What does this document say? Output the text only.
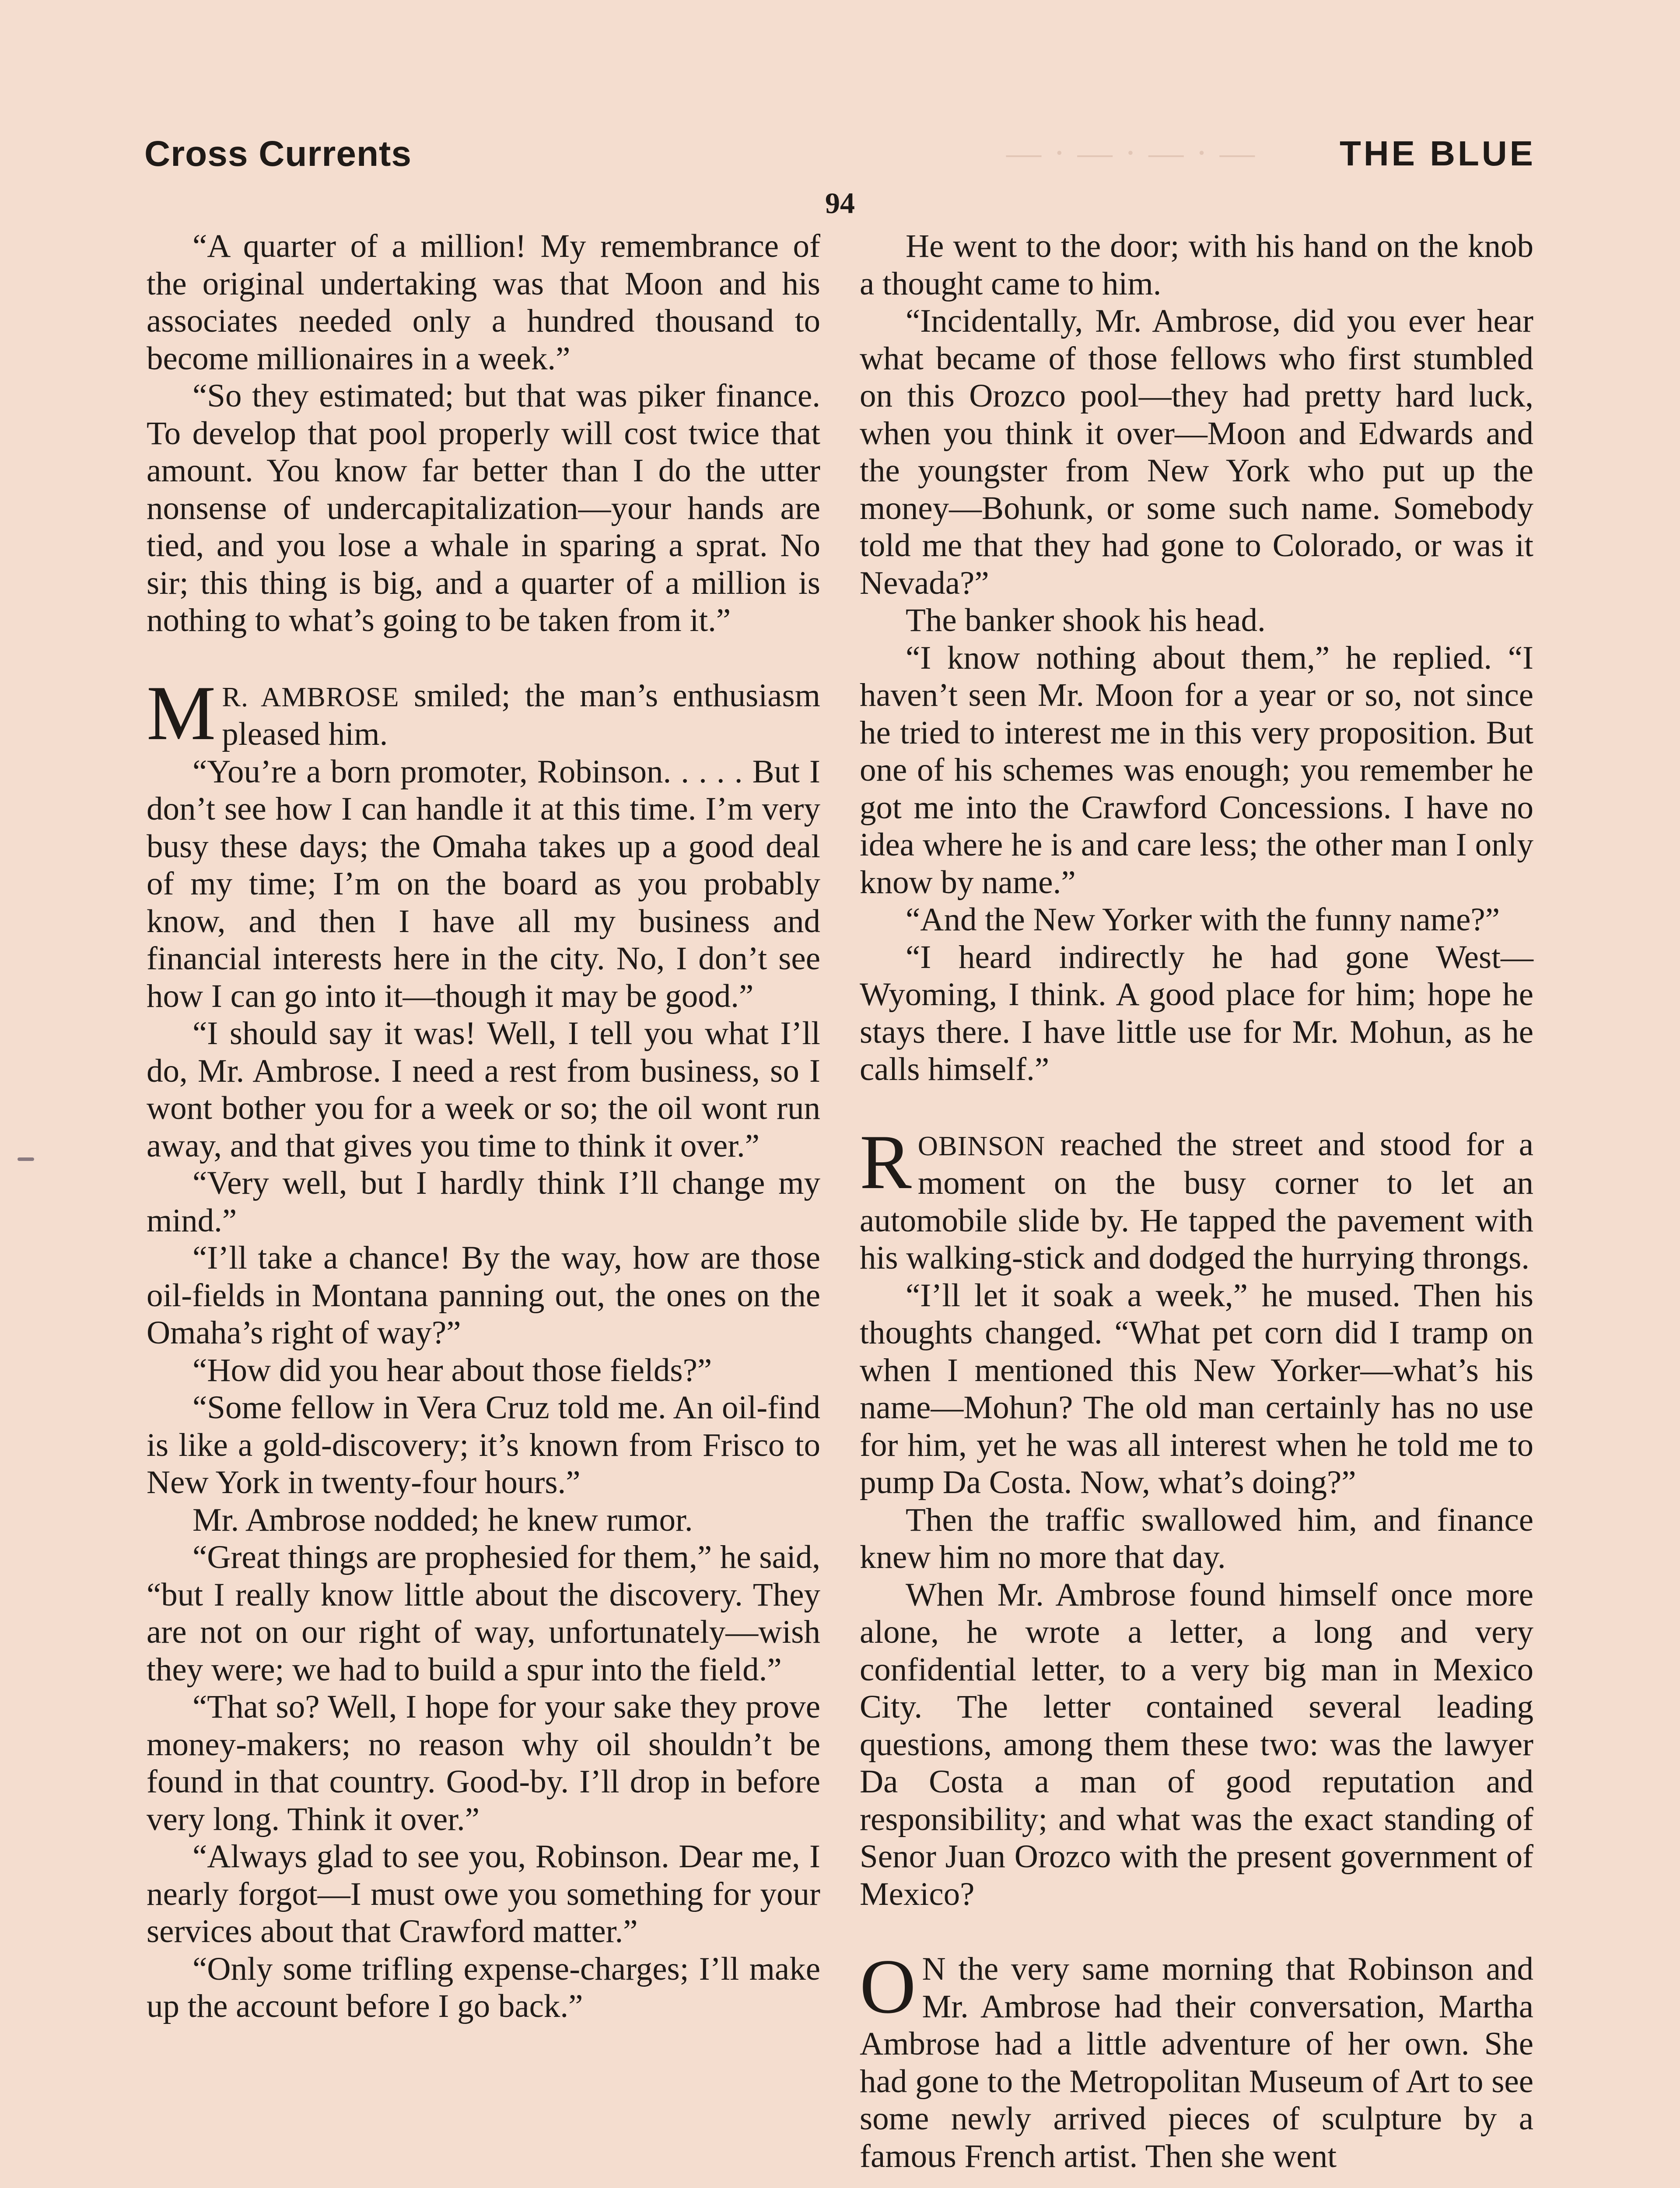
— · — · — · —
Cross Currents	THE BLUE
94

“A quarter of a million! My remembrance of the original undertaking was that Moon and his associates needed only a hundred thousand to become millionaires in a week.”

“So they estimated; but that was piker finance. To develop that pool properly will cost twice that amount. You know far better than I do the utter nonsense of undercapitalization—your hands are tied, and you lose a whale in sparing a sprat. No sir; this thing is big, and a quarter of a million is nothing to what’s going to be taken from it.”

M R. AMBROSE smiled; the man’s enthusiasm pleased him.

“You’re a born promoter, Robinson. . . . . But I don’t see how I can handle it at this time. I’m very busy these days; the Omaha takes up a good deal of my time; I’m on the board as you probably know, and then I have all my business and financial interests here in the city. No, I don’t see how I can go into it—though it may be good.”

“I should say it was! Well, I tell you what I’ll do, Mr. Ambrose. I need a rest from business, so I wont bother you for a week or so; the oil wont run away, and that gives you time to think it over.”

“Very well, but I hardly think I’ll change my mind.”

“I’ll take a chance! By the way, how are those oil-fields in Montana panning out, the ones on the Omaha’s right of way?”

“How did you hear about those fields?”

“Some fellow in Vera Cruz told me. An oil-find is like a gold-discovery; it’s known from Frisco to New York in twenty-four hours.”

Mr. Ambrose nodded; he knew rumor.

“Great things are prophesied for them,” he said, “but I really know little about the discovery. They are not on our right of way, unfortunately—wish they were; we had to build a spur into the field.”

“That so? Well, I hope for your sake they prove money-makers; no reason why oil shouldn’t be found in that country. Good-by. I’ll drop in before very long. Think it over.”

“Always glad to see you, Robinson. Dear me, I nearly forgot—I must owe you something for your services about that Crawford matter.”

“Only some trifling expense-charges; I’ll make up the account before I go back.”

He went to the door; with his hand on the knob a thought came to him.

“Incidentally, Mr. Ambrose, did you ever hear what became of those fellows who first stumbled on this Orozco pool—they had pretty hard luck, when you think it over—Moon and Edwards and the youngster from New York who put up the money—Bohunk, or some such name. Somebody told me that they had gone to Colorado, or was it Nevada?”

The banker shook his head.

“I know nothing about them,” he replied. “I haven’t seen Mr. Moon for a year or so, not since he tried to interest me in this very proposition. But one of his schemes was enough; you remember he got me into the Crawford Concessions. I have no idea where he is and care less; the other man I only know by name.”

“And the New Yorker with the funny name?”

“I heard indirectly he had gone West—Wyoming, I think. A good place for him; hope he stays there. I have little use for Mr. Mohun, as he calls himself.”

ROBINSON reached the street and stood for a moment on the busy corner to let an automobile slide by. He tapped the pavement with his walking-stick and dodged the hurrying throngs.

“I’ll let it soak a week,” he mused. Then his thoughts changed. “What pet corn did I tramp on when I mentioned this New Yorker—what’s his name—Mohun? The old man certainly has no use for him, yet he was all interest when he told me to pump Da Costa. Now, what’s doing?”

Then the traffic swallowed him, and finance knew him no more that day.

When Mr. Ambrose found himself once more alone, he wrote a letter, a long and very confidential letter, to a very big man in Mexico City. The letter contained several leading questions, among them these two: was the lawyer Da Costa a man of good reputation and responsibility; and what was the exact standing of Senor Juan Orozco with the present government of Mexico?

O N the very same morning that Robinson and Mr. Ambrose had their conversation, Martha Ambrose had a little adventure of her own. She had gone to the Metropolitan Museum of Art to see some newly arrived pieces of sculpture by a famous French artist. Then she went
